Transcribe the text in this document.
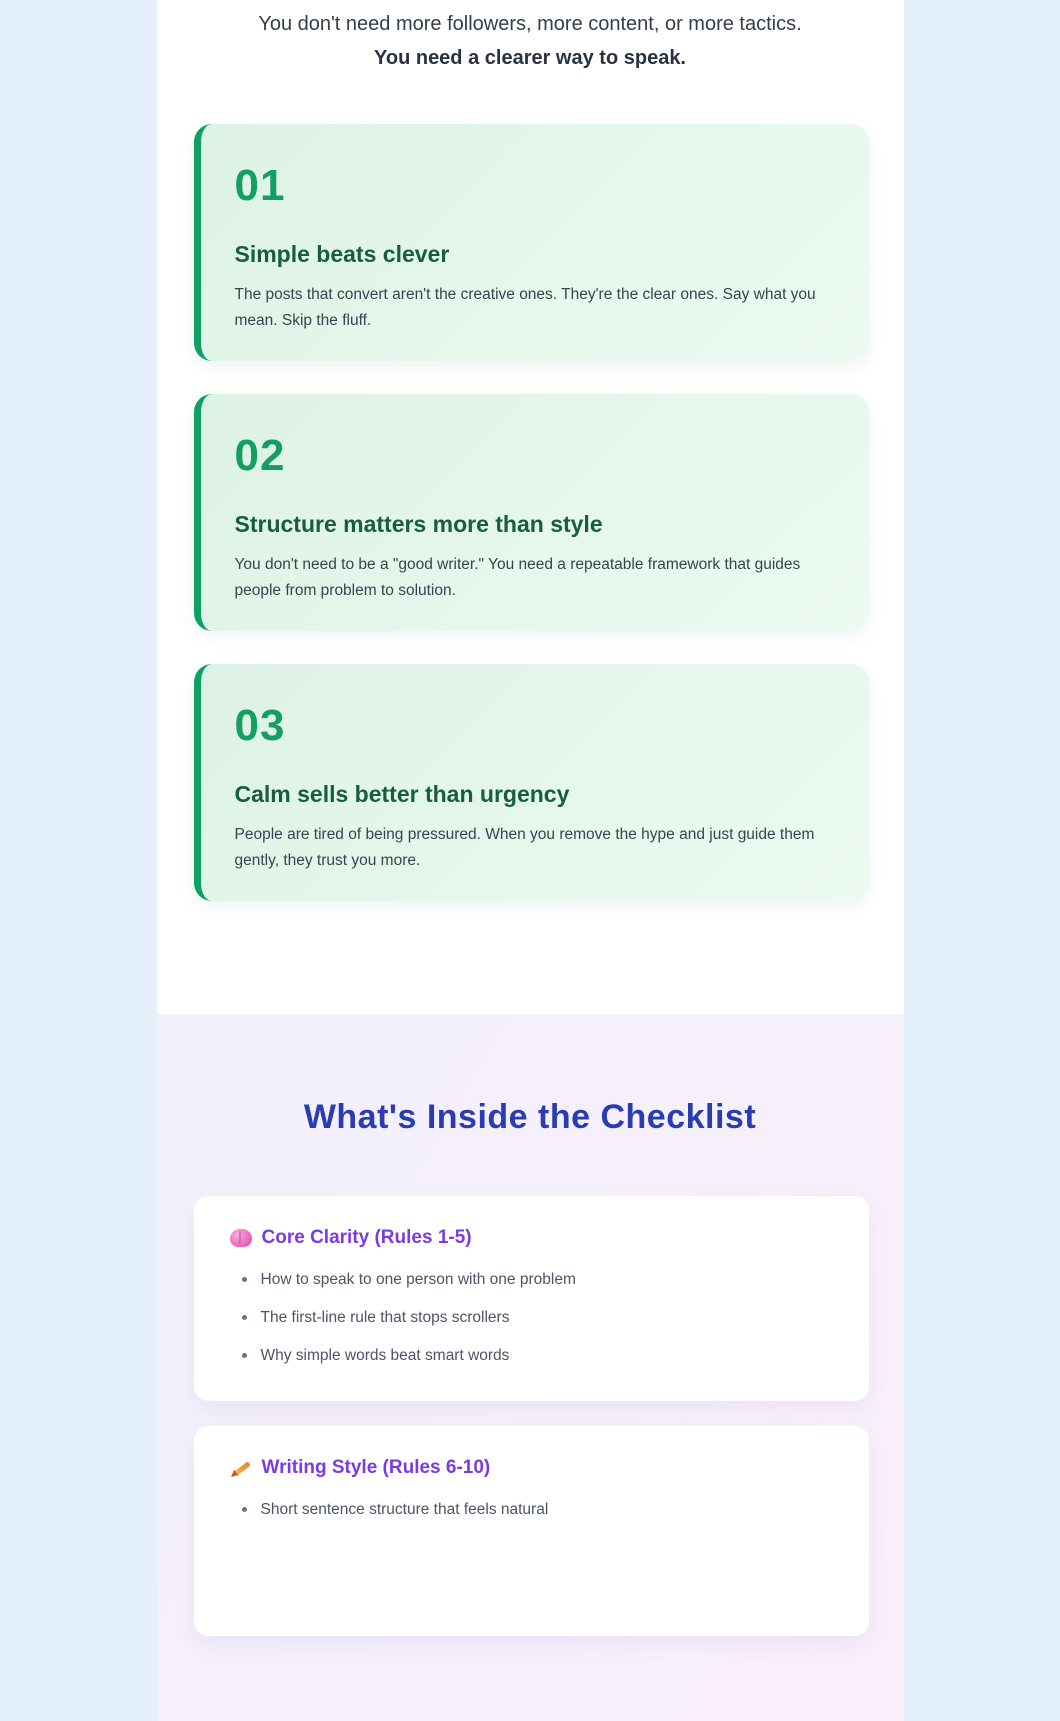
You don't need more followers, more content, or more tactics.

You need a clearer way to speak.

01
Simple beats clever
The posts that convert aren't the creative ones. They're the clear ones. Say what you mean. Skip the fluff.
02
Structure matters more than style
You don't need to be a "good writer." You need a repeatable framework that guides people from problem to solution.
03
Calm sells better than urgency
People are tired of being pressured. When you remove the hype and just guide them gently, they trust you more.
What's Inside the Checklist
Core Clarity (Rules 1-5)
How to speak to one person with one problem
The first-line rule that stops scrollers
Why simple words beat smart words
Writing Style (Rules 6-10)
Short sentence structure that feels natural
